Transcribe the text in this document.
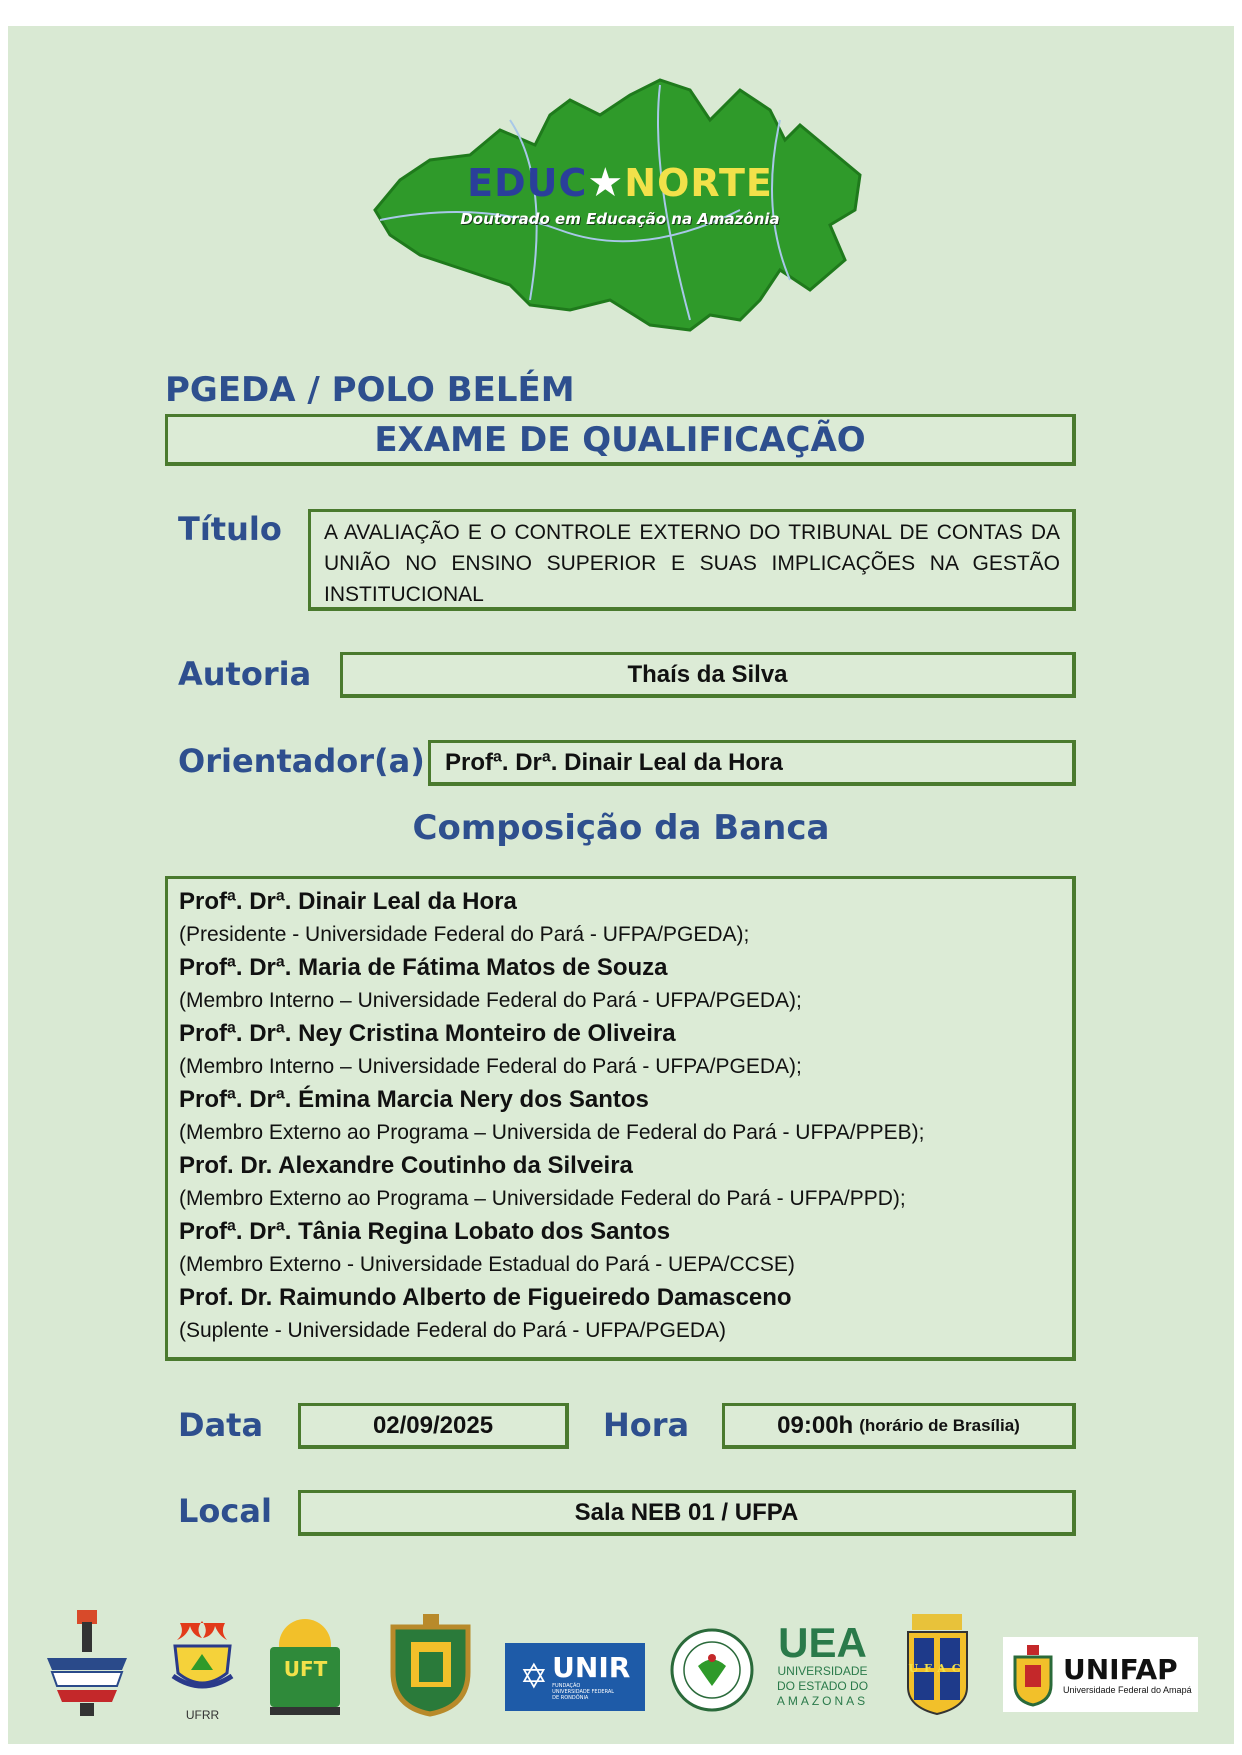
EDUC★NORTE
Doutorado em Educação na Amazônia
PGEDA / POLO BELÉM
EXAME DE QUALIFICAÇÃO
Título A AVALIAÇÃO E O CONTROLE EXTERNO DO TRIBUNAL DE CONTAS DA UNIÃO NO ENSINO SUPERIOR E SUAS IMPLICAÇÕES NA GESTÃO INSTITUCIONAL
Autoria	Thaís da Silva
Orientador(a) Profª. Drª. Dinair Leal da Hora
Composição da Banca

Profª. Drª. Dinair Leal da Hora

(Presidente - Universidade Federal do Pará - UFPA/PGEDA);

Profª. Drª. Maria de Fátima Matos de Souza

(Membro Interno – Universidade Federal do Pará - UFPA/PGEDA);

Profª. Drª. Ney Cristina Monteiro de Oliveira

(Membro Interno – Universidade Federal do Pará - UFPA/PGEDA);

Profª. Drª. Émina Marcia Nery dos Santos

(Membro Externo ao Programa – Universida de Federal do Pará - UFPA/PPEB);

Prof. Dr. Alexandre Coutinho da Silveira

(Membro Externo ao Programa – Universidade Federal do Pará - UFPA/PPD);

Profª. Drª. Tânia Regina Lobato dos Santos

(Membro Externo - Universidade Estadual do Pará - UEPA/CCSE)

Prof. Dr. Raimundo Alberto de Figueiredo Damasceno

(Suplente - Universidade Federal do Pará - UFPA/PGEDA)

Data	02/09/2025	Hora	09:00h (horário de Brasília)
Local	Sala NEB 01 / UFPA
UFRR
UFT	✡ UNIR
FUNDAÇÃO UNIVERSIDADE FEDERAL DE RONDÔNIA
UEA
UNIVERSIDADE
DO ESTADO DO
AMAZONAS
UFAC	UNIFAP
Universidade Federal do Amapá
